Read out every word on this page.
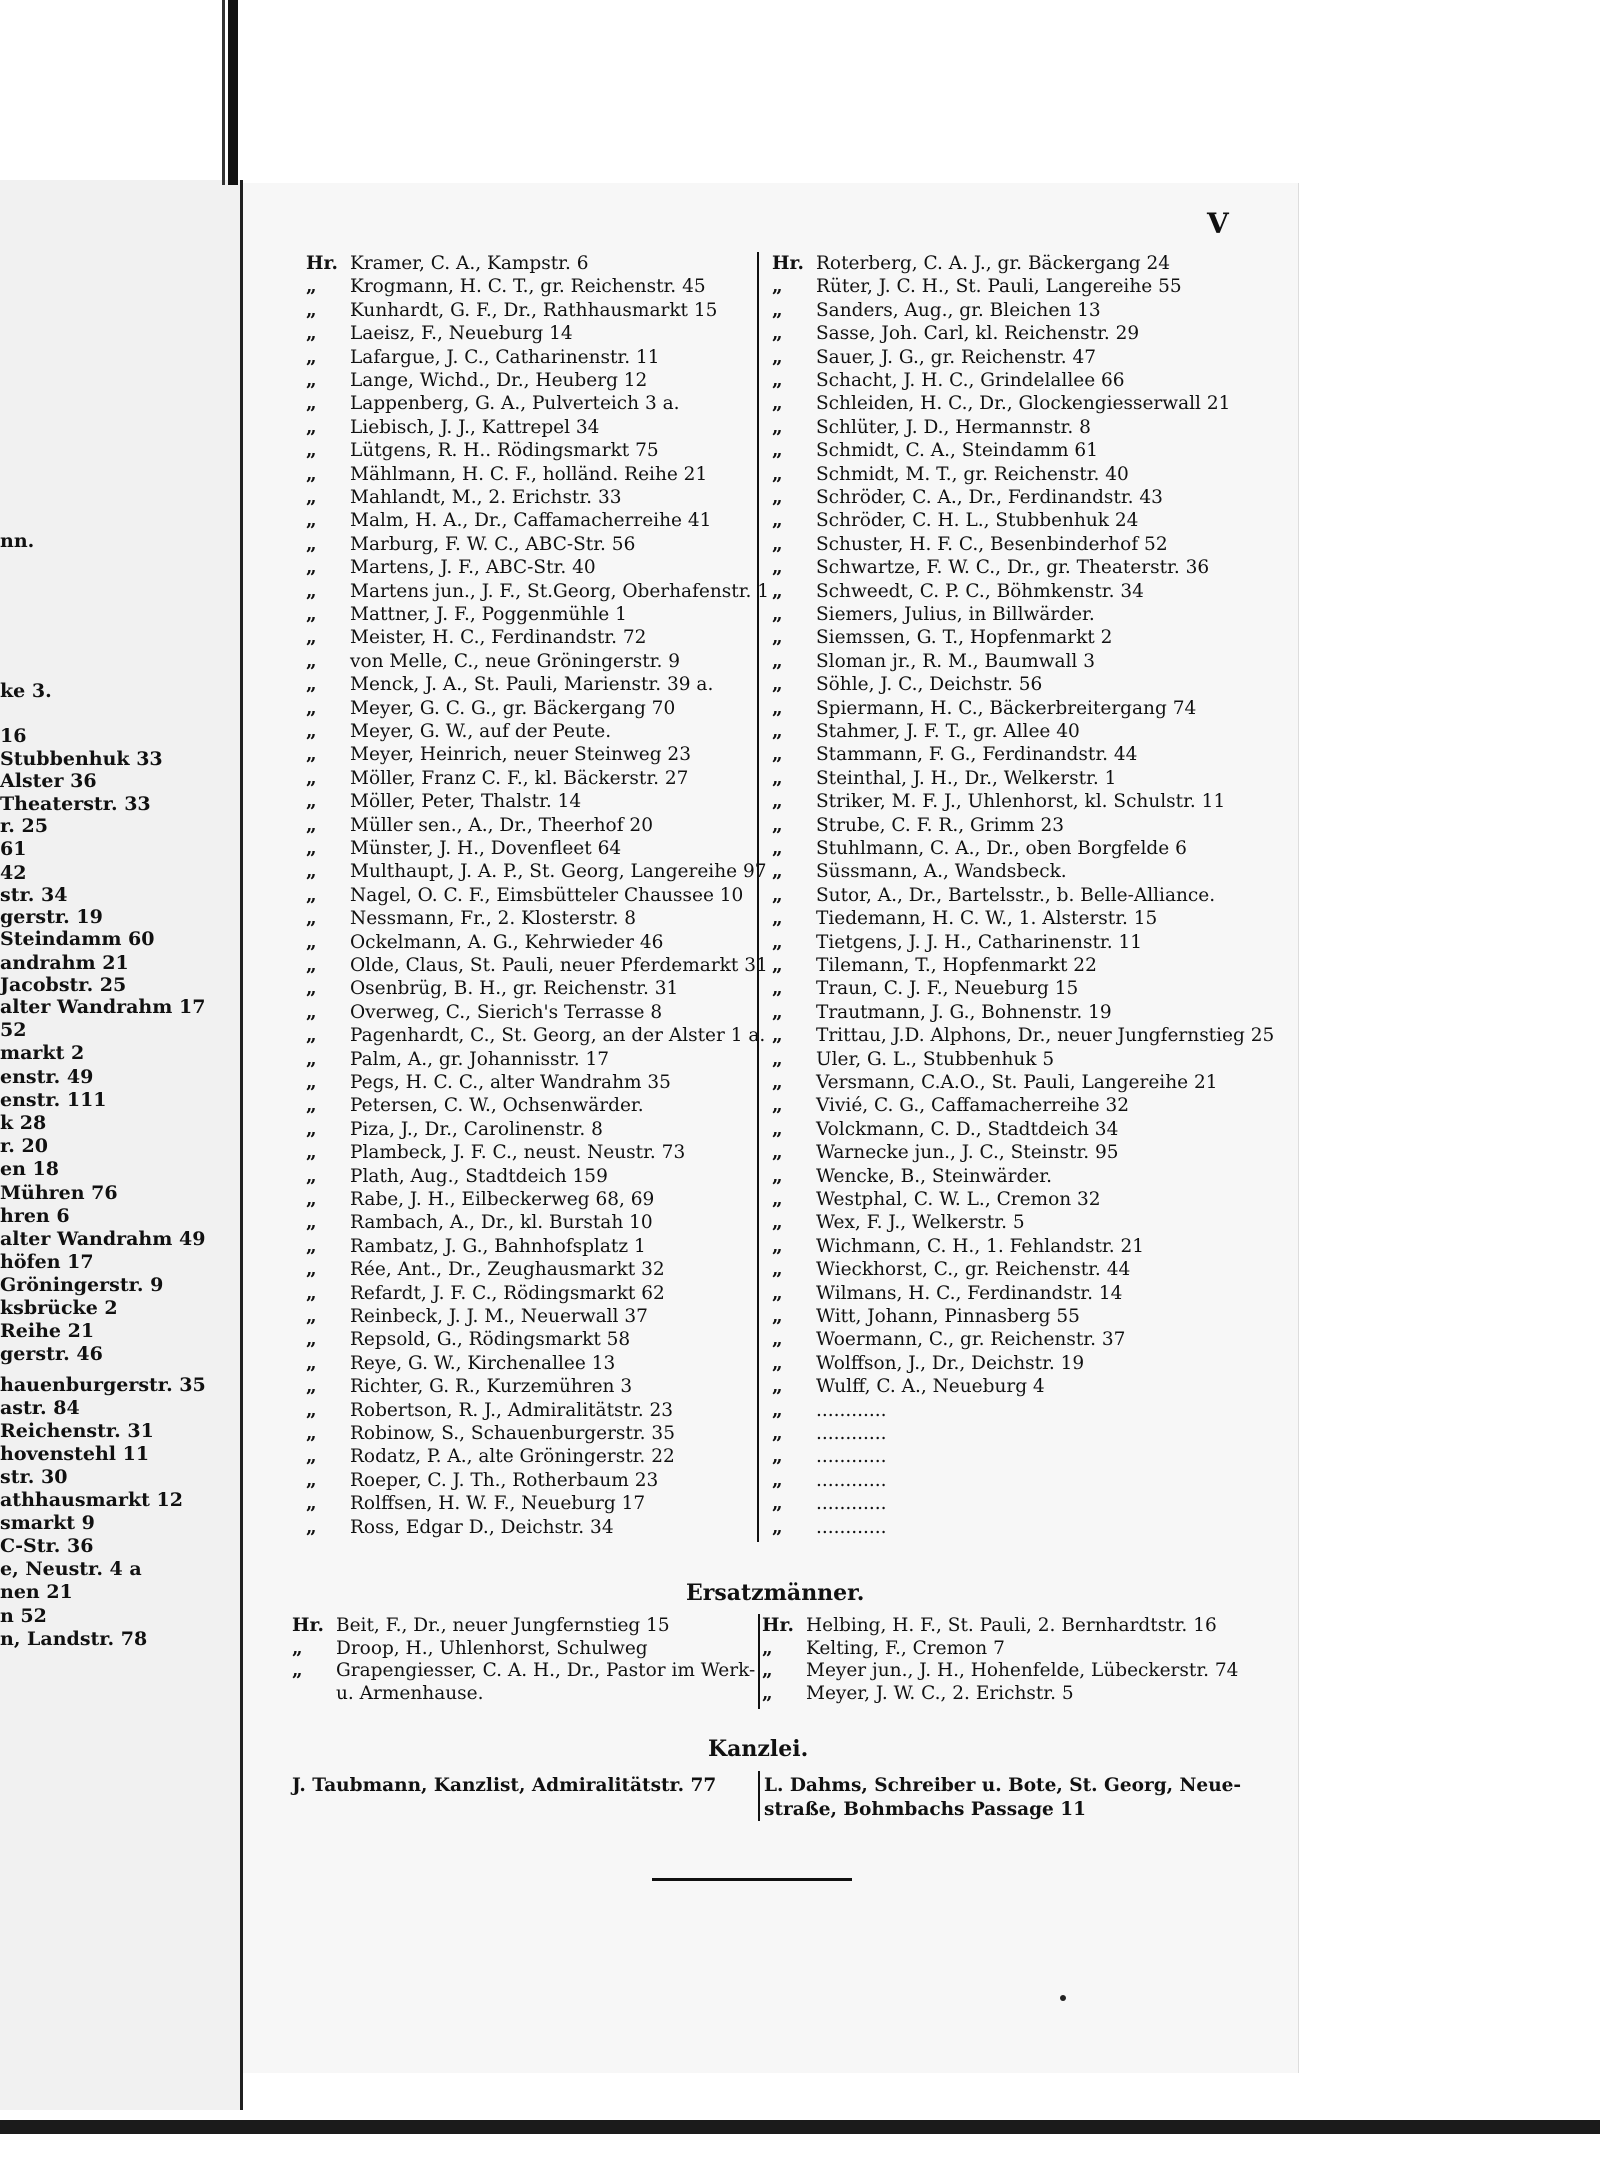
nn.
ke 3.
16
Stubbenhuk 33
Alster 36
Theaterstr. 33
r. 25
61
42
str. 34
gerstr. 19
Steindamm 60
andrahm 21
Jacobstr. 25
alter Wandrahm 17
52
markt 2
enstr. 49
enstr. 111
k 28
r. 20
en 18
Mühren 76
hren 6
alter Wandrahm 49
höfen 17
Gröningerstr. 9
ksbrücke 2
Reihe 21
gerstr. 46
hauenburgerstr. 35
astr. 84
Reichenstr. 31
hovenstehl 11
str. 30
athhausmarkt 12
smarkt 9
C-Str. 36
e, Neustr. 4 a
nen 21
n 52
n, Landstr. 78
V
Ersatzmänner.
Kanzlei.
J. Taubmann, Kanzlist, Admiralitätstr. 77	L. Dahms, Schreiber u. Bote, St. Georg, Neue-
straße, Bohmbachs Passage 11
Hr. Kramer, C. A., Kampstr. 6
„ Krogmann, H. C. T., gr. Reichenstr. 45
„ Kunhardt, G. F., Dr., Rathhausmarkt 15
„ Laeisz, F., Neueburg 14
„ Lafargue, J. C., Catharinenstr. 11
„ Lange, Wichd., Dr., Heuberg 12
„ Lappenberg, G. A., Pulverteich 3 a.
„ Liebisch, J. J., Kattrepel 34
„ Lütgens, R. H.. Rödingsmarkt 75
„ Mählmann, H. C. F., holländ. Reihe 21
„ Mahlandt, M., 2. Erichstr. 33
„ Malm, H. A., Dr., Caffamacherreihe 41
„ Marburg, F. W. C., ABC-Str. 56
„ Martens, J. F., ABC-Str. 40
„ Martens jun., J. F., St.Georg, Oberhafenstr. 1
„ Mattner, J. F., Poggenmühle 1
„ Meister, H. C., Ferdinandstr. 72
„ von Melle, C., neue Gröningerstr. 9
„ Menck, J. A., St. Pauli, Marienstr. 39 a.
„ Meyer, G. C. G., gr. Bäckergang 70
„ Meyer, G. W., auf der Peute.
„ Meyer, Heinrich, neuer Steinweg 23
„ Möller, Franz C. F., kl. Bäckerstr. 27
„ Möller, Peter, Thalstr. 14
„ Müller sen., A., Dr., Theerhof 20
„ Münster, J. H., Dovenfleet 64
„ Multhaupt, J. A. P., St. Georg, Langereihe 97
„ Nagel, O. C. F., Eimsbütteler Chaussee 10
„ Nessmann, Fr., 2. Klosterstr. 8
„ Ockelmann, A. G., Kehrwieder 46
„ Olde, Claus, St. Pauli, neuer Pferdemarkt 31
„ Osenbrüg, B. H., gr. Reichenstr. 31
„ Overweg, C., Sierich's Terrasse 8
„ Pagenhardt, C., St. Georg, an der Alster 1 a.
„ Palm, A., gr. Johannisstr. 17
„ Pegs, H. C. C., alter Wandrahm 35
„ Petersen, C. W., Ochsenwärder.
„ Piza, J., Dr., Carolinenstr. 8
„ Plambeck, J. F. C., neust. Neustr. 73
„ Plath, Aug., Stadtdeich 159
„ Rabe, J. H., Eilbeckerweg 68, 69
„ Rambach, A., Dr., kl. Burstah 10
„ Rambatz, J. G., Bahnhofsplatz 1
„ Rée, Ant., Dr., Zeughausmarkt 32
„ Refardt, J. F. C., Rödingsmarkt 62
„ Reinbeck, J. J. M., Neuerwall 37
„ Repsold, G., Rödingsmarkt 58
„ Reye, G. W., Kirchenallee 13
„ Richter, G. R., Kurzemühren 3
„ Robertson, R. J., Admiralitätstr. 23
„ Robinow, S., Schauenburgerstr. 35
„ Rodatz, P. A., alte Gröningerstr. 22
„ Roeper, C. J. Th., Rotherbaum 23
„ Rolffsen, H. W. F., Neueburg 17
„ Ross, Edgar D., Deichstr. 34
Hr. Roterberg, C. A. J., gr. Bäckergang 24
„ Rüter, J. C. H., St. Pauli, Langereihe 55
„ Sanders, Aug., gr. Bleichen 13
„ Sasse, Joh. Carl, kl. Reichenstr. 29
„ Sauer, J. G., gr. Reichenstr. 47
„ Schacht, J. H. C., Grindelallee 66
„ Schleiden, H. C., Dr., Glockengiesserwall 21
„ Schlüter, J. D., Hermannstr. 8
„ Schmidt, C. A., Steindamm 61
„ Schmidt, M. T., gr. Reichenstr. 40
„ Schröder, C. A., Dr., Ferdinandstr. 43
„ Schröder, C. H. L., Stubbenhuk 24
„ Schuster, H. F. C., Besenbinderhof 52
„ Schwartze, F. W. C., Dr., gr. Theaterstr. 36
„ Schweedt, C. P. C., Böhmkenstr. 34
„ Siemers, Julius, in Billwärder.
„ Siemssen, G. T., Hopfenmarkt 2
„ Sloman jr., R. M., Baumwall 3
„ Söhle, J. C., Deichstr. 56
„ Spiermann, H. C., Bäckerbreitergang 74
„ Stahmer, J. F. T., gr. Allee 40
„ Stammann, F. G., Ferdinandstr. 44
„ Steinthal, J. H., Dr., Welkerstr. 1
„ Striker, M. F. J., Uhlenhorst, kl. Schulstr. 11
„ Strube, C. F. R., Grimm 23
„ Stuhlmann, C. A., Dr., oben Borgfelde 6
„ Süssmann, A., Wandsbeck.
„ Sutor, A., Dr., Bartelsstr., b. Belle-Alliance.
„ Tiedemann, H. C. W., 1. Alsterstr. 15
„ Tietgens, J. J. H., Catharinenstr. 11
„ Tilemann, T., Hopfenmarkt 22
„ Traun, C. J. F., Neueburg 15
„ Trautmann, J. G., Bohnenstr. 19
„ Trittau, J.D. Alphons, Dr., neuer Jungfernstieg 25
„ Uler, G. L., Stubbenhuk 5
„ Versmann, C.A.O., St. Pauli, Langereihe 21
„ Vivié, C. G., Caffamacherreihe 32
„ Volckmann, C. D., Stadtdeich 34
„ Warnecke jun., J. C., Steinstr. 95
„ Wencke, B., Steinwärder.
„ Westphal, C. W. L., Cremon 32
„ Wex, F. J., Welkerstr. 5
„ Wichmann, C. H., 1. Fehlandstr. 21
„ Wieckhorst, C., gr. Reichenstr. 44
„ Wilmans, H. C., Ferdinandstr. 14
„ Witt, Johann, Pinnasberg 55
„ Woermann, C., gr. Reichenstr. 37
„ Wolffson, J., Dr., Deichstr. 19
„ Wulff, C. A., Neueburg 4
„ ............
„ ............
„ ............
„ ............
„ ............
„ ............
Hr. Beit, F., Dr., neuer Jungfernstieg 15
„ Droop, H., Uhlenhorst, Schulweg
„ Grapengiesser, C. A. H., Dr., Pastor im Werk-
u. Armenhause.
Hr. Helbing, H. F., St. Pauli, 2. Bernhardtstr. 16
„ Kelting, F., Cremon 7
„ Meyer jun., J. H., Hohenfelde, Lübeckerstr. 74
„ Meyer, J. W. C., 2. Erichstr. 5
